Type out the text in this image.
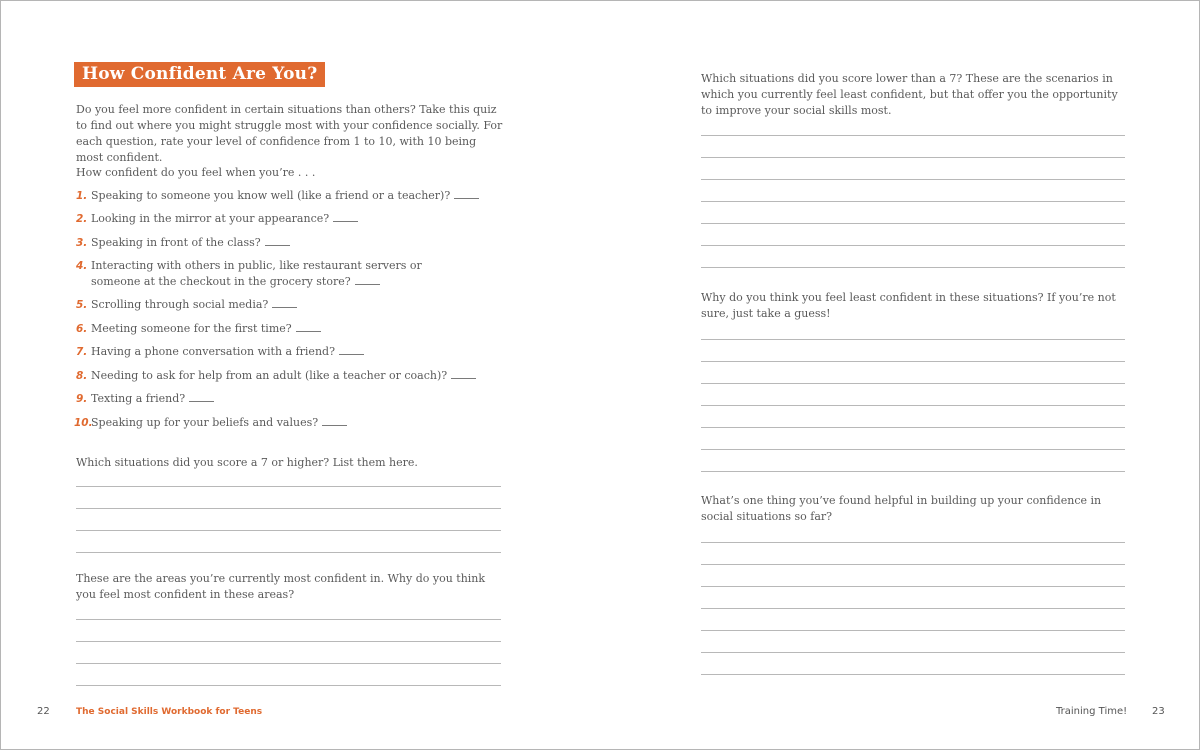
How Confident Are You?

Do you feel more confident in certain situations than others? Take this quiz to find out where you might struggle most with your confidence socially. For each question, rate your level of confidence from 1 to 10, with 10 being most confident.

How confident do you feel when you’re . . .

1. Speaking to someone you know well (like a friend or a teacher)?
2. Looking in the mirror at your appearance?
3. Speaking in front of the class?
4. Interacting with others in public, like restaurant servers or someone at the checkout in the grocery store?
5. Scrolling through social media?
6. Meeting someone for the first time?
7. Having a phone conversation with a friend?
8. Needing to ask for help from an adult (like a teacher or coach)?
9. Texting a friend?
10.
Speaking up for your beliefs and values?

Which situations did you score a 7 or higher? List them here.

These are the areas you’re currently most confident in. Why do you think you feel most confident in these areas?

22	The Social Skills Workbook for Teens

Which situations did you score lower than a 7? These are the scenarios in which you currently feel least confident, but that offer you the opportunity to improve your social skills most.

Why do you think you feel least confident in these situations? If you’re not sure, just take a guess!

What’s one thing you’ve found helpful in building up your confidence in social situations so far?

Training Time! 23
